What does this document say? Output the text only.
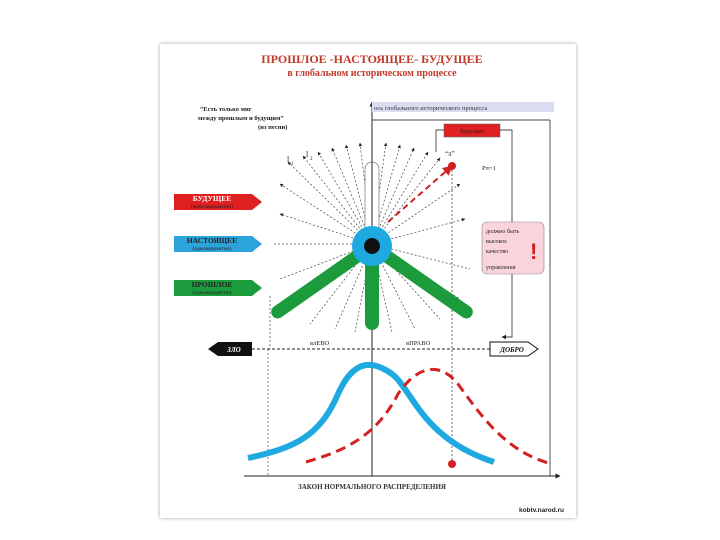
ПРОШЛОЕ -НАСТОЯЩЕЕ- БУДУЩЕЕ
в глобальном историческом процессе
“Есть только миг
между прошлым и будущим”
(из песни)
l
1
l
2
ось глобального исторического процесса
Будущее
“π”
Pπ=1
БУДУЩЕЕ
(многовариантно)
НАСТОЯЩЕЕ
(одновариантно)
ПРОШЛОЕ
(одновариантно)
должно быть
высокое
качество
управления
!
ЗЛО	ДОБРО
влЕВО	вПРАВО
ЗАКОН НОРМАЛЬНОГО РАСПРЕДЕЛЕНИЯ
kobtv.narod.ru
